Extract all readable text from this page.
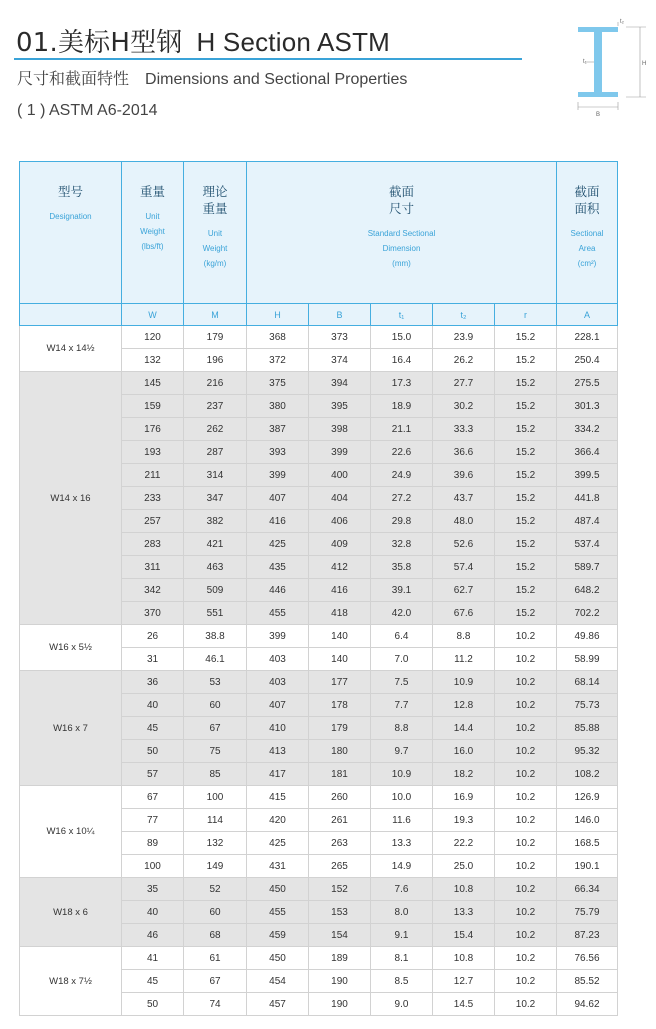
01.美标H型钢 H Section ASTM
尺寸和截面特性 Dimensions and Sectional Properties
( 1 ) ASTM A6-2014
t₂
H
t₁
B
型号
Designation	重量
Unit
Weight
(lbs/ft)	理论
重量
Unit
Weight
(kg/m)	截面
尺寸
Standard Sectional
Dimension
(mm)					截面
面积
Sectional
Area
(cm²)

	W	M	H	B	t₁	t₂	r	A
W14 x 14½	120	179	368	373	15.0	23.9	15.2	228.1
	132	196	372	374	16.4	26.2	15.2	250.4
W14 x 16	145	216	375	394	17.3	27.7	15.2	275.5
	159	237	380	395	18.9	30.2	15.2	301.3
	176	262	387	398	21.1	33.3	15.2	334.2
	193	287	393	399	22.6	36.6	15.2	366.4
	211	314	399	400	24.9	39.6	15.2	399.5
	233	347	407	404	27.2	43.7	15.2	441.8
	257	382	416	406	29.8	48.0	15.2	487.4
	283	421	425	409	32.8	52.6	15.2	537.4
	311	463	435	412	35.8	57.4	15.2	589.7
	342	509	446	416	39.1	62.7	15.2	648.2
	370	551	455	418	42.0	67.6	15.2	702.2
W16 x 5½	26	38.8	399	140	6.4	8.8	10.2	49.86
	31	46.1	403	140	7.0	11.2	10.2	58.99
W16 x 7	36	53	403	177	7.5	10.9	10.2	68.14
	40	60	407	178	7.7	12.8	10.2	75.73
	45	67	410	179	8.8	14.4	10.2	85.88
	50	75	413	180	9.7	16.0	10.2	95.32
	57	85	417	181	10.9	18.2	10.2	108.2
W16 x 10¼	67	100	415	260	10.0	16.9	10.2	126.9
	77	114	420	261	11.6	19.3	10.2	146.0
	89	132	425	263	13.3	22.2	10.2	168.5
	100	149	431	265	14.9	25.0	10.2	190.1
W18 x 6	35	52	450	152	7.6	10.8	10.2	66.34
	40	60	455	153	8.0	13.3	10.2	75.79
	46	68	459	154	9.1	15.4	10.2	87.23
W18 x 7½	41	61	450	189	8.1	10.8	10.2	76.56
	45	67	454	190	8.5	12.7	10.2	85.52
	50	74	457	190	9.0	14.5	10.2	94.62
